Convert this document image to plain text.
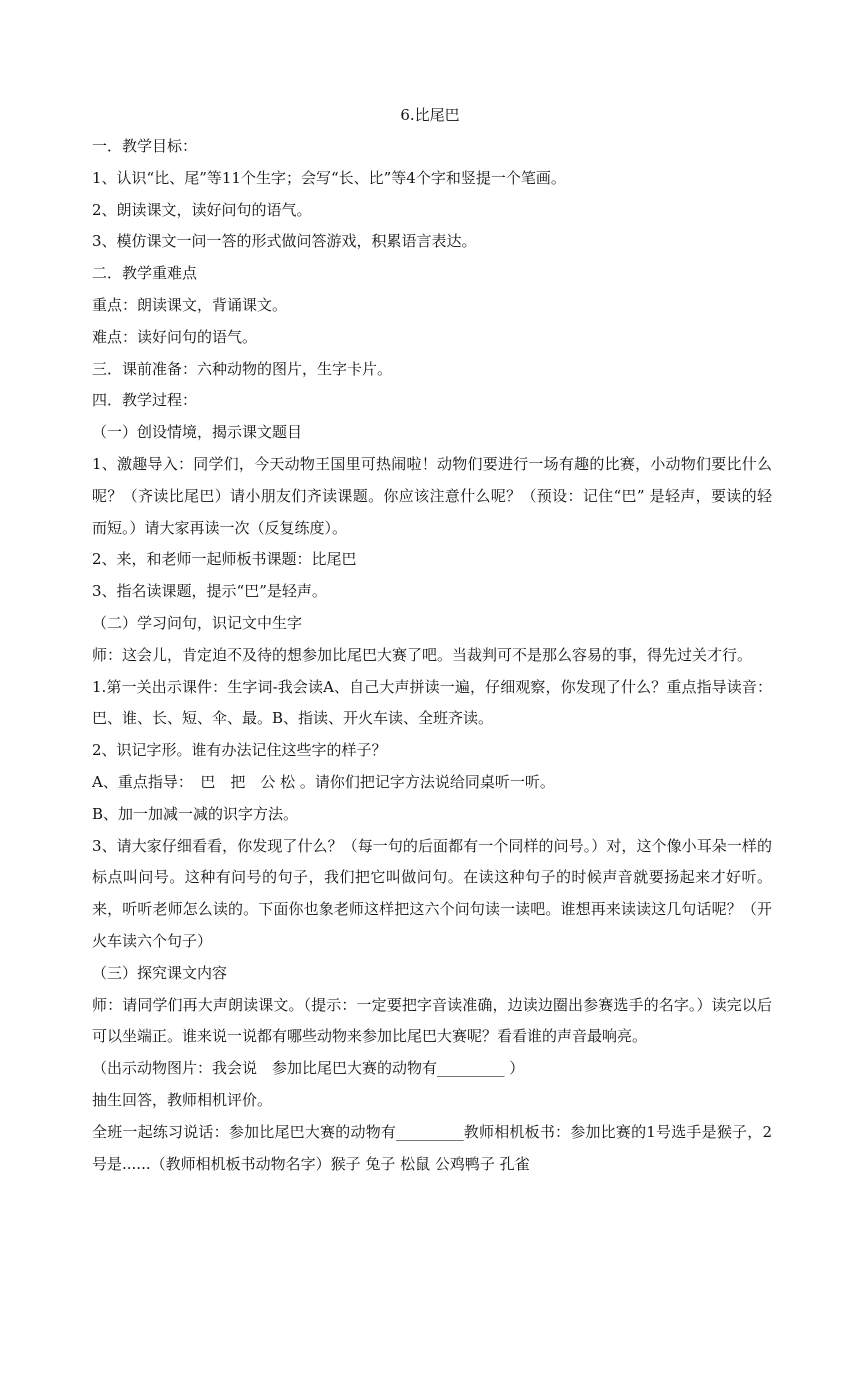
6.比尾巴

一．教学目标：

1、认识“比、尾”等11个生字；会写“长、比”等4个字和竖提一个笔画。

2、朗读课文，读好问句的语气。

3、模仿课文一问一答的形式做问答游戏，积累语言表达。

二．教学重难点

重点：朗读课文，背诵课文。

难点：读好问句的语气。

三．课前准备：六种动物的图片，生字卡片。

四．教学过程：

（一）创设情境，揭示课文题目

1、激趣导入：同学们，今天动物王国里可热闹啦！动物们要进行一场有趣的比赛，小动物们要比什么呢？（齐读比尾巴）请小朋友们齐读课题。你应该注意什么呢？（预设：记住“巴” 是轻声，要读的轻而短。）请大家再读一次（反复练度）。

2、来，和老师一起师板书课题：比尾巴

3、指名读课题，提示“巴”是轻声。

（二）学习问句，识记文中生字

师：这会儿，肯定迫不及待的想参加比尾巴大赛了吧。当裁判可不是那么容易的事，得先过关才行。

1.第一关出示课件：生字词-我会读A、自己大声拼读一遍，仔细观察，你发现了什么？重点指导读音：巴、谁、长、短、伞、最。B、指读、开火车读、全班齐读。

2、识记字形。谁有办法记住这些字的样子？

A、重点指导：　巴　把　公 松 。请你们把记字方法说给同桌听一听。

B、加一加减一减的识字方法。

3、请大家仔细看看，你发现了什么？（每一句的后面都有一个同样的问号。）对，这个像小耳朵一样的标点叫问号。这种有问号的句子，我们把它叫做问句。在读这种句子的时候声音就要扬起来才好听。来，听听老师怎么读的。下面你也象老师这样把这六个问句读一读吧。谁想再来读读这几句话呢？（开火车读六个句子）

（三）探究课文内容

师：请同学们再大声朗读课文。（提示：一定要把字音读准确，边读边圈出参赛选手的名字。）读完以后可以坐端正。谁来说一说都有哪些动物来参加比尾巴大赛呢？看看谁的声音最响亮。

（出示动物图片：我会说　参加比尾巴大赛的动物有_________ ）

抽生回答，教师相机评价。

全班一起练习说话：参加比尾巴大赛的动物有_________教师相机板书：参加比赛的1号选手是猴子，2号是......（教师相机板书动物名字）猴子 兔子 松鼠 公鸡鸭子 孔雀
